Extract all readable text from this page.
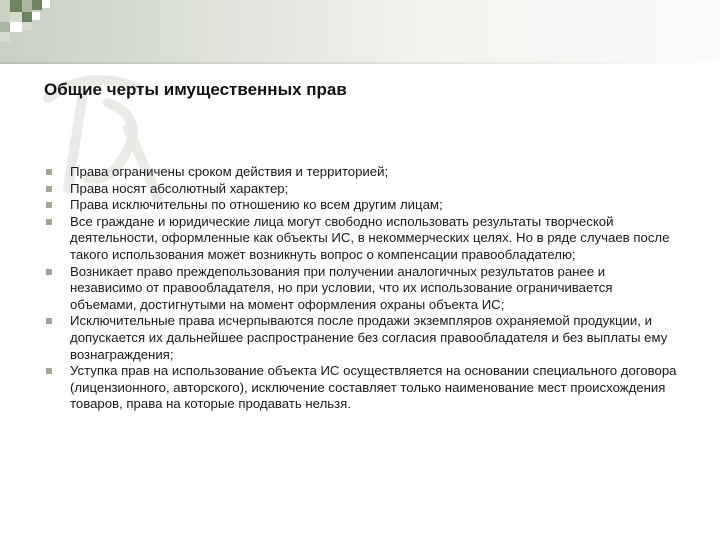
Общие черты имущественных прав
Права ограничены сроком действия и территорией;
Права носят абсолютный характер;
Права исключительны по отношению ко всем другим лицам;
Все граждане и юридические лица могут свободно использовать результаты творческой деятельности, оформленные как объекты ИС, в некоммерческих целях. Но в ряде случаев после такого использования может возникнуть вопрос о компенсации правообладателю;
Возникает право преждепользования при получении аналогичных результатов ранее и независимо от правообладателя, но при условии, что их использование ограничивается объемами, достигнутыми на момент оформления охраны объекта ИС;
Исключительные права исчерпываются после продажи экземпляров охраняемой продукции, и допускается их дальнейшее распространение без согласия правообладателя и без выплаты ему вознаграждения;
Уступка прав на использование объекта ИС осуществляется на основании специального договора (лицензионного, авторского), исключение составляет только наименование мест происхождения товаров, права на которые продавать нельзя.
